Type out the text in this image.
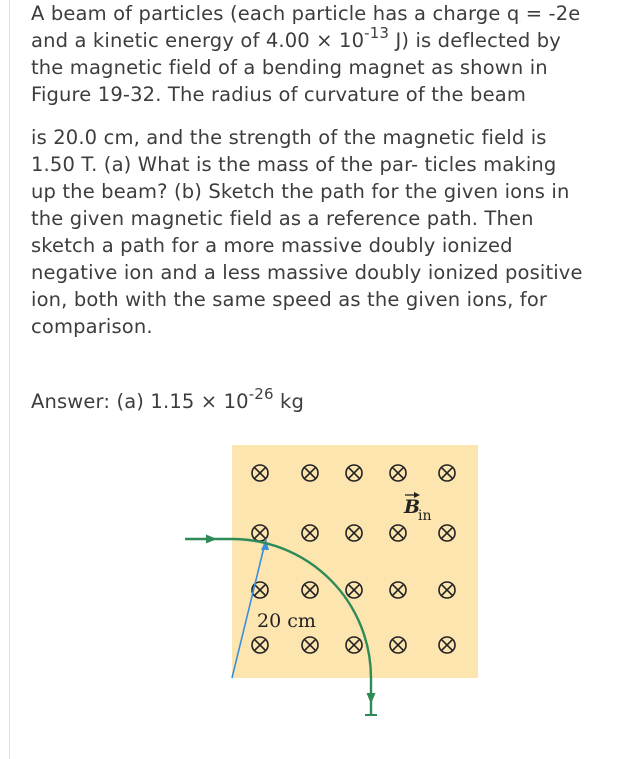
A beam of particles (each particle has a charge q = -2e
and a kinetic energy of $4.00 \times 10^{-13}$ J) is deflected by
the magnetic field of a bending magnet as shown in
Figure 19-32. The radius of curvature of the beam
is 20.0 cm, and the strength of the magnetic field is
1.50 T. (a) What is the mass of the par- ticles making
up the beam? (b) Sketch the path for the given ions in
the given magnetic field as a reference path. Then
sketch a path for a more massive doubly ionized
negative ion and a less massive doubly ionized positive
ion, both with the same speed as the given ions, for
comparison.
Answer: (a) $1.15 \times 10^{-26}$ kg
B
in
20 cm
